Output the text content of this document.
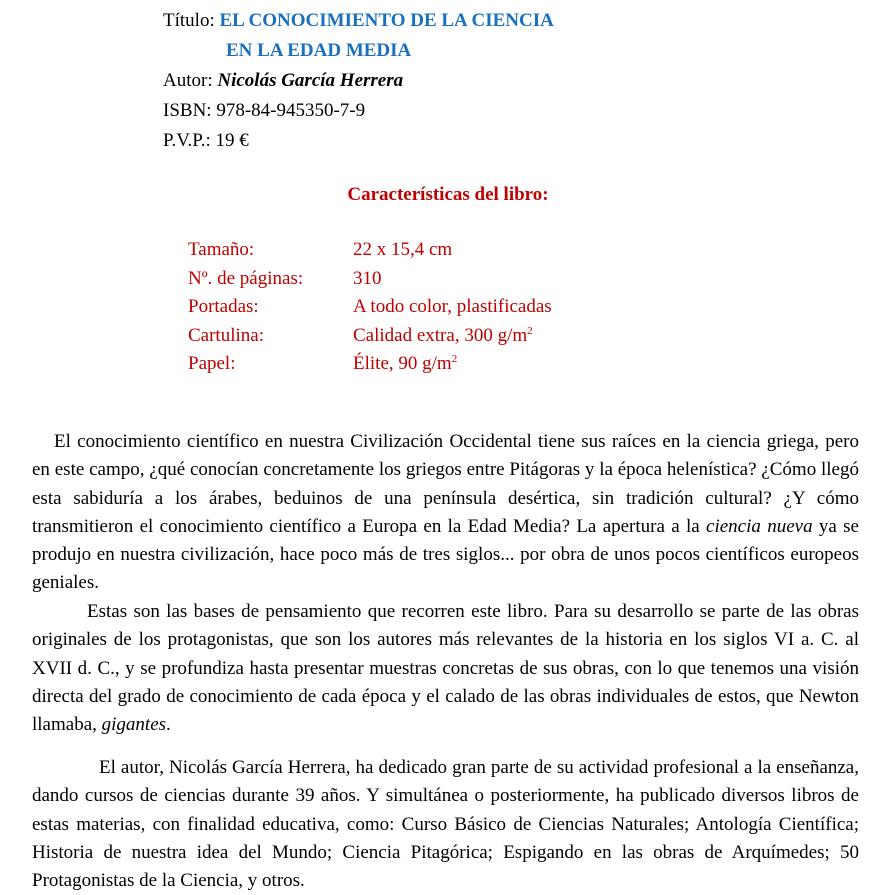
Título: EL CONOCIMIENTO DE LA CIENCIA
EN LA EDAD MEDIA
Autor: Nicolás García Herrera
ISBN: 978-84-945350-7-9
P.V.P.: 19 €
Características del libro:
Tamaño:	22 x 15,4 cm
Nº. de páginas:	310
Portadas:	A todo color, plastificadas
Cartulina:	Calidad extra, 300 $g/m^2$
Papel:	Élite, 90 $g/m^2$

El conocimiento científico en nuestra Civilización Occidental tiene sus raíces en la ciencia griega, pero en este campo, ¿qué conocían concretamente los griegos entre Pitágoras y la época helenística? ¿Cómo llegó esta sabiduría a los árabes, beduinos de una península desértica, sin tradición cultural? ¿Y cómo transmitieron el conocimiento científico a Europa en la Edad Media? La apertura a la ciencia nueva ya se produjo en nuestra civilización, hace poco más de tres siglos... por obra de unos pocos científicos europeos geniales.

Estas son las bases de pensamiento que recorren este libro. Para su desarrollo se parte de las obras originales de los protagonistas, que son los autores más relevantes de la historia en los siglos VI a. C. al XVII d. C., y se profundiza hasta presentar muestras concretas de sus obras, con lo que tenemos una visión directa del grado de conocimiento de cada época y el calado de las obras individuales de estos, que Newton llamaba, gigantes.

El autor, Nicolás García Herrera, ha dedicado gran parte de su actividad profesional a la enseñanza, dando cursos de ciencias durante 39 años. Y simultánea o posteriormente, ha publicado diversos libros de estas materias, con finalidad educativa, como: Curso Básico de Ciencias Naturales; Antología Científica; Historia de nuestra idea del Mundo; Ciencia Pitagórica; Espigando en las obras de Arquímedes; 50 Protagonistas de la Ciencia, y otros.
